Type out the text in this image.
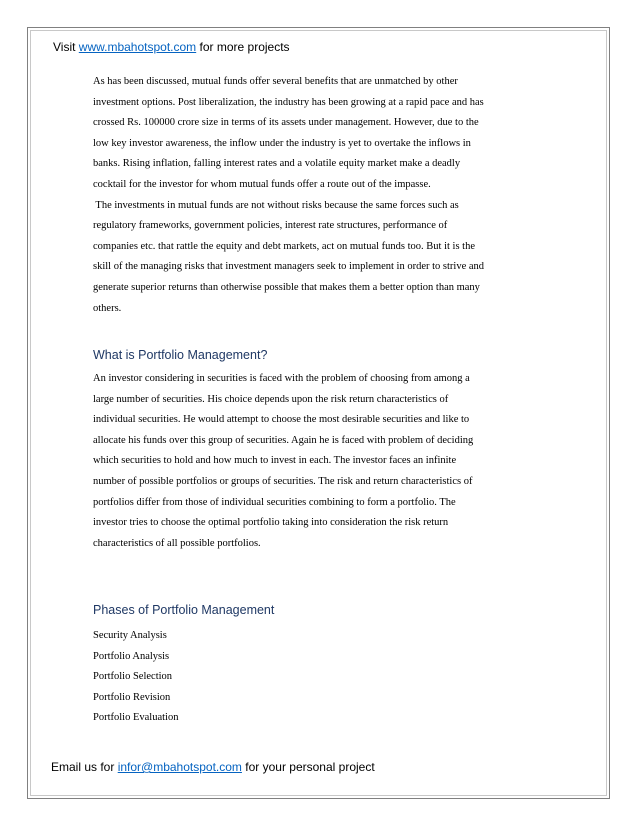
Visit www.mbahotspot.com for more projects
As has been discussed, mutual funds offer several benefits that are unmatched by other
investment options. Post liberalization, the industry has been growing at a rapid pace and has
crossed Rs. 100000 crore size in terms of its assets under management. However, due to the
low key investor awareness, the inflow under the industry is yet to overtake the inflows in
banks. Rising inflation, falling interest rates and a volatile equity market make a deadly
cocktail for the investor for whom mutual funds offer a route out of the impasse.
The investments in mutual funds are not without risks because the same forces such as
regulatory frameworks, government policies, interest rate structures, performance of
companies etc. that rattle the equity and debt markets, act on mutual funds too. But it is the
skill of the managing risks that investment managers seek to implement in order to strive and
generate superior returns than otherwise possible that makes them a better option than many
others.
What is Portfolio Management?
An investor considering in securities is faced with the problem of choosing from among a
large number of securities. His choice depends upon the risk return characteristics of
individual securities. He would attempt to choose the most desirable securities and like to
allocate his funds over this group of securities. Again he is faced with problem of deciding
which securities to hold and how much to invest in each. The investor faces an infinite
number of possible portfolios or groups of securities. The risk and return characteristics of
portfolios differ from those of individual securities combining to form a portfolio. The
investor tries to choose the optimal portfolio taking into consideration the risk return
characteristics of all possible portfolios.
Phases of Portfolio Management
Security Analysis
Portfolio Analysis
Portfolio Selection
Portfolio Revision
Portfolio Evaluation
Email us for infor@mbahotspot.com for your personal project
